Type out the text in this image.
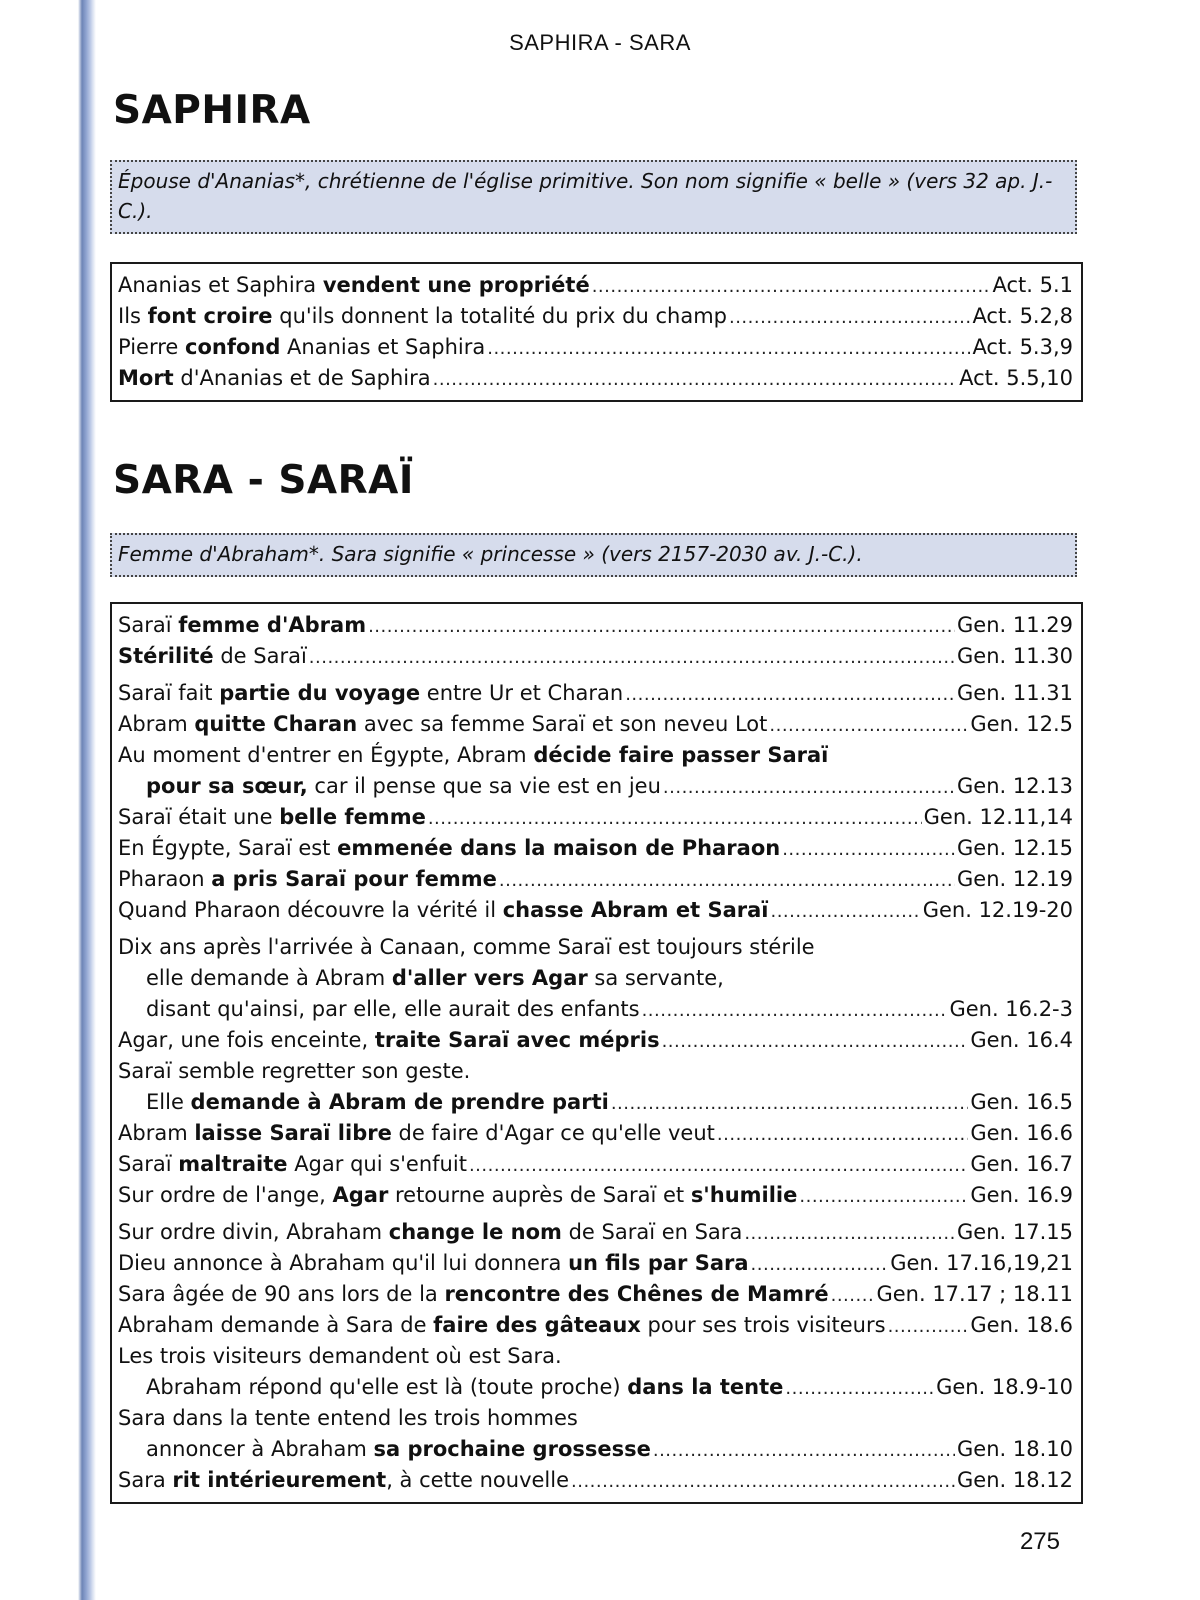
SAPHIRA - SARA
SAPHIRA
Épouse d'Ananias*, chrétienne de l'église primitive. Son nom signifie « belle » (vers 32 ap. J.-C.).
Ananias et Saphira vendent une propriété .....	Act. 5.1
Ils font croire qu'ils donnent la totalité du prix du champ .....	Act. 5.2,8
Pierre confond Ananias et Saphira .....	Act. 5.3,9
Mort d'Ananias et de Saphira .....	Act. 5.5,10
SARA - SARAÏ
Femme d'Abraham*. Sara signifie « princesse » (vers 2157-2030 av. J.-C.).
Saraï femme d'Abram .....	Gen. 11.29
Stérilité de Saraï .....	Gen. 11.30
Saraï fait partie du voyage entre Ur et Charan .....	Gen. 11.31
Abram quitte Charan avec sa femme Saraï et son neveu Lot .....	Gen. 12.5
Au moment d'entrer en Égypte, Abram décide faire passer Saraï
pour sa sœur, car il pense que sa vie est en jeu .....	Gen. 12.13
Saraï était une belle femme .....	Gen. 12.11,14
En Égypte, Saraï est emmenée dans la maison de Pharaon .....	Gen. 12.15
Pharaon a pris Saraï pour femme .....	Gen. 12.19
Quand Pharaon découvre la vérité il chasse Abram et Saraï .....	Gen. 12.19-20
Dix ans après l'arrivée à Canaan, comme Saraï est toujours stérile
elle demande à Abram d'aller vers Agar sa servante,
disant qu'ainsi, par elle, elle aurait des enfants .....	Gen. 16.2-3
Agar, une fois enceinte, traite Saraï avec mépris .....	Gen. 16.4
Saraï semble regretter son geste.
Elle demande à Abram de prendre parti .....	Gen. 16.5
Abram laisse Saraï libre de faire d'Agar ce qu'elle veut .....	Gen. 16.6
Saraï maltraite Agar qui s'enfuit .....	Gen. 16.7
Sur ordre de l'ange, Agar retourne auprès de Saraï et s'humilie .....	Gen. 16.9
Sur ordre divin, Abraham change le nom de Saraï en Sara .....	Gen. 17.15
Dieu annonce à Abraham qu'il lui donnera un fils par Sara .....	Gen. 17.16,19,21
Sara âgée de 90 ans lors de la rencontre des Chênes de Mamré ..... Gen. 17.17 ; 18.11
Abraham demande à Sara de faire des gâteaux pour ses trois visiteurs .....	Gen. 18.6
Les trois visiteurs demandent où est Sara.
Abraham répond qu'elle est là (toute proche) dans la tente .....	Gen. 18.9-10
Sara dans la tente entend les trois hommes
annoncer à Abraham sa prochaine grossesse .....	Gen. 18.10
Sara rit intérieurement, à cette nouvelle .....	Gen. 18.12
275
